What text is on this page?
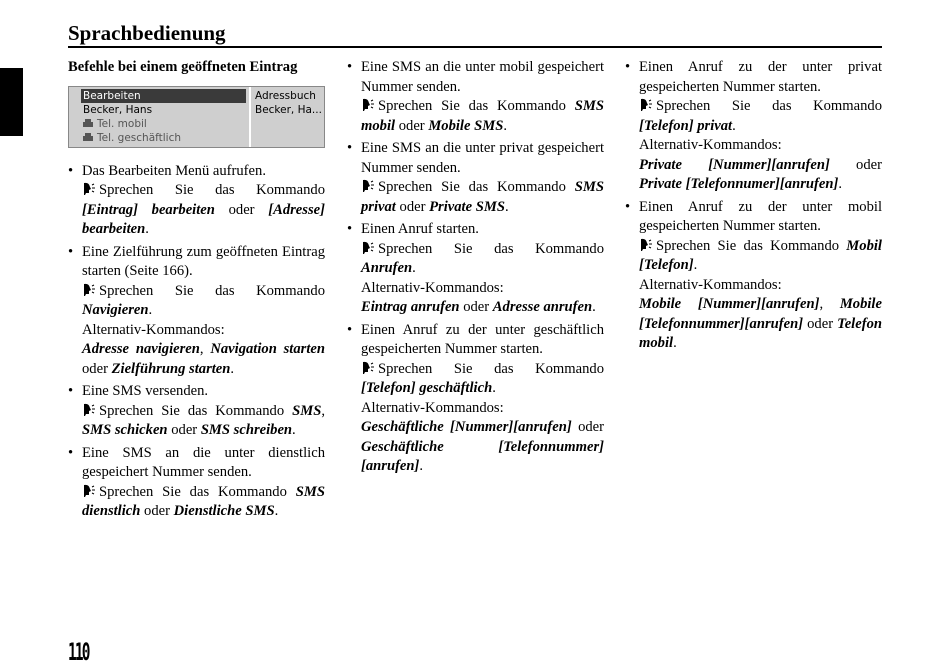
Sprachbedienung
Befehle bei einem geöffneten Eintrag
Bearbeiten
Becker, Hans
Tel. mobil
Tel. geschäftlich
Adressbuch
Becker, Ha...
• Das Bearbeiten Menü aufrufen.
Sprechen Sie das Kommando [Eintrag] bearbeiten oder [Adresse] bearbeiten.
• Eine Zielführung zum geöffneten Eintrag starten (Seite 166).
Sprechen Sie das Kommando Navigieren.
Alternativ-Kommandos:
Adresse navigieren, Navigation starten oder Zielführung starten.
• Eine SMS versenden.
Sprechen Sie das Kommando SMS, SMS schicken oder SMS schreiben.
• Eine SMS an die unter dienstlich gespeichert Nummer senden.
Sprechen Sie das Kommando SMS dienstlich oder Dienstliche SMS.
• Eine SMS an die unter mobil gespeichert Nummer senden.
Sprechen Sie das Kommando SMS mobil oder Mobile SMS.
• Eine SMS an die unter privat gespeichert Nummer senden.
Sprechen Sie das Kommando SMS privat oder Private SMS.
• Einen Anruf starten.
Sprechen Sie das Kommando Anrufen.
Alternativ-Kommandos:
Eintrag anrufen oder Adresse anrufen.
• Einen Anruf zu der unter geschäftlich gespeicherten Nummer starten.
Sprechen Sie das Kommando [Telefon] geschäftlich.
Alternativ-Kommandos:
Geschäftliche [Nummer][anrufen] oder Geschäftliche [Telefonnummer][anrufen].
• Einen Anruf zu der unter privat gespeicherten Nummer starten.
Sprechen Sie das Kommando [Telefon] privat.
Alternativ-Kommandos:
Private [Nummer][anrufen] oder Private [Telefonnumer][anrufen].
• Einen Anruf zu der unter mobil gespeicherten Nummer starten.
Sprechen Sie das Kommando Mobil [Telefon].
Alternativ-Kommandos:
Mobile [Nummer][anrufen], Mobile [Telefonnummer][anrufen] oder Telefon mobil.
110
